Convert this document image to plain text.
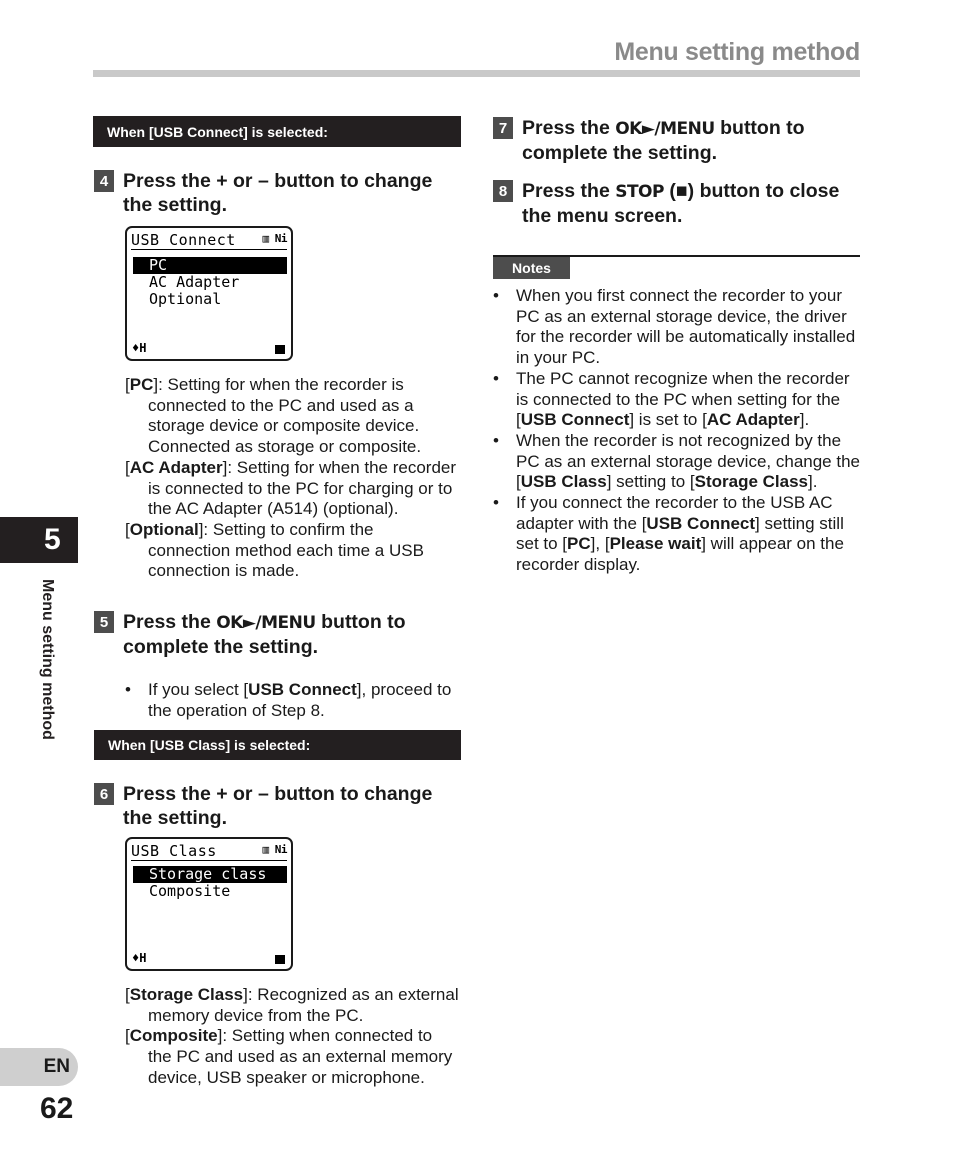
Menu setting method
When [USB Connect] is selected:
4 Press the + or – button to change the setting.
USB Connect ▥ Ni
PC
AC Adapter
Optional
♦H
[PC]: Setting for when the recorder is connected to the PC and used as a storage device or composite device. Connected as storage or composite.
[AC Adapter]: Setting for when the recorder is connected to the PC for charging or to the AC Adapter (A514) (optional).
[Optional]: Setting to confirm the connection method each time a USB connection is made.
5 Press the OK►/MENU button to complete the setting.
• If you select [USB Connect], proceed to the operation of Step 8.
When [USB Class] is selected:
6 Press the + or – button to change the setting.
USB Class	▥ Ni
Storage class
Composite
♦H
[Storage Class]: Recognized as an external memory device from the PC.
[Composite]: Setting when connected to the PC and used as an external memory device, USB speaker or microphone.
7 Press the OK►/MENU button to complete the setting.
8 Press the STOP (■) button to close the menu screen.
Notes
• When you first connect the recorder to your PC as an external storage device, the driver for the recorder will be automatically installed in your PC.
• The PC cannot recognize when the recorder is connected to the PC when setting for the [USB Connect] is set to [AC Adapter].
• When the recorder is not recognized by the PC as an external storage device, change the [USB Class] setting to [Storage Class].
• If you connect the recorder to the USB AC adapter with the [USB Connect] setting still set to [PC], [Please wait] will appear on the recorder display.
5
Menu setting method
EN
62
